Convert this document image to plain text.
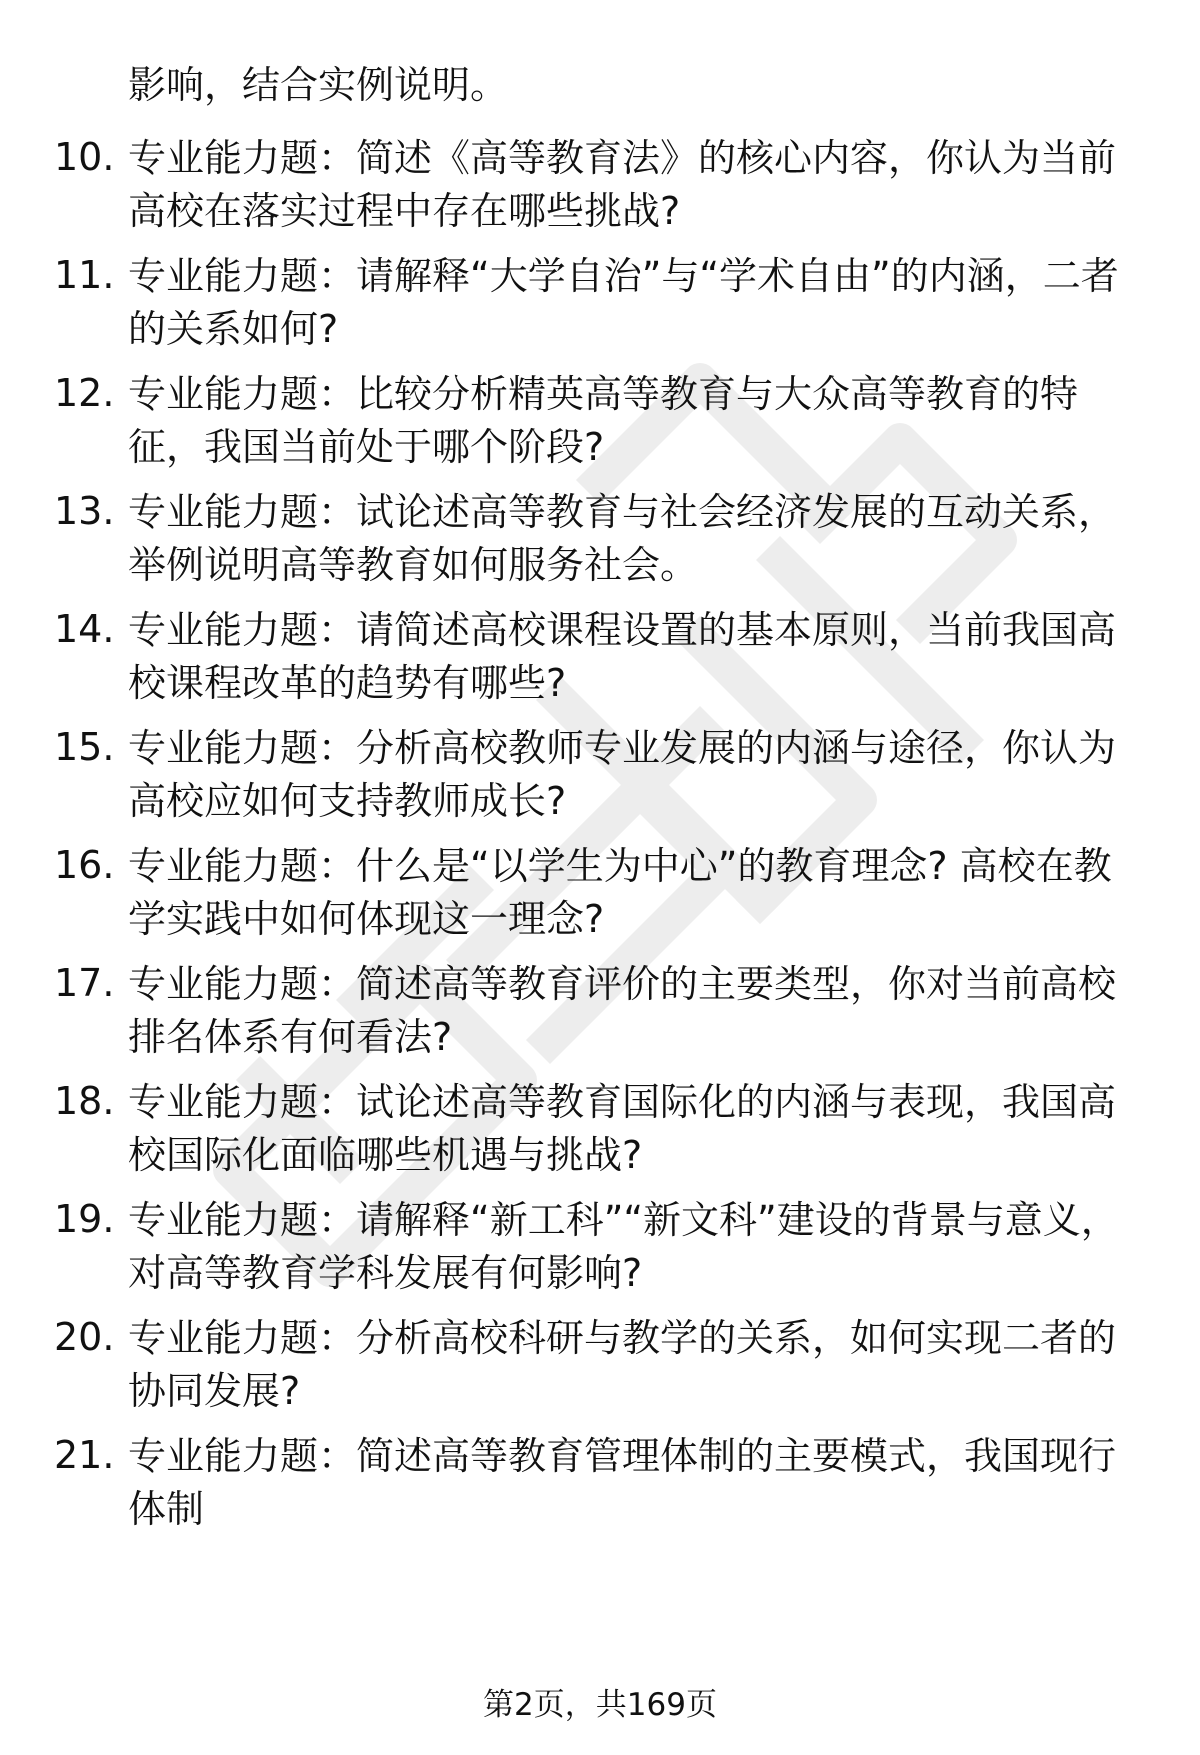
影响，结合实例说明。
10. 专业能力题：简述《高等教育法》的核心内容，你认为当前高校在落实过程中存在哪些挑战?
11. 专业能力题：请解释“大学自治”与“学术自由”的内涵，二者的关系如何?
12. 专业能力题：比较分析精英高等教育与大众高等教育的特征，我国当前处于哪个阶段?
13. 专业能力题：试论述高等教育与社会经济发展的互动关系，举例说明高等教育如何服务社会。
14. 专业能力题：请简述高校课程设置的基本原则，当前我国高校课程改革的趋势有哪些?
15. 专业能力题：分析高校教师专业发展的内涵与途径，你认为高校应如何支持教师成长?
16. 专业能力题：什么是“以学生为中心”的教育理念? 高校在教学实践中如何体现这一理念?
17. 专业能力题：简述高等教育评价的主要类型，你对当前高校排名体系有何看法?
18. 专业能力题：试论述高等教育国际化的内涵与表现，我国高校国际化面临哪些机遇与挑战?
19. 专业能力题：请解释“新工科”“新文科”建设的背景与意义，对高等教育学科发展有何影响?
20. 专业能力题：分析高校科研与教学的关系，如何实现二者的协同发展?
21. 专业能力题：简述高等教育管理体制的主要模式，我国现行体制
第2页，共169页
